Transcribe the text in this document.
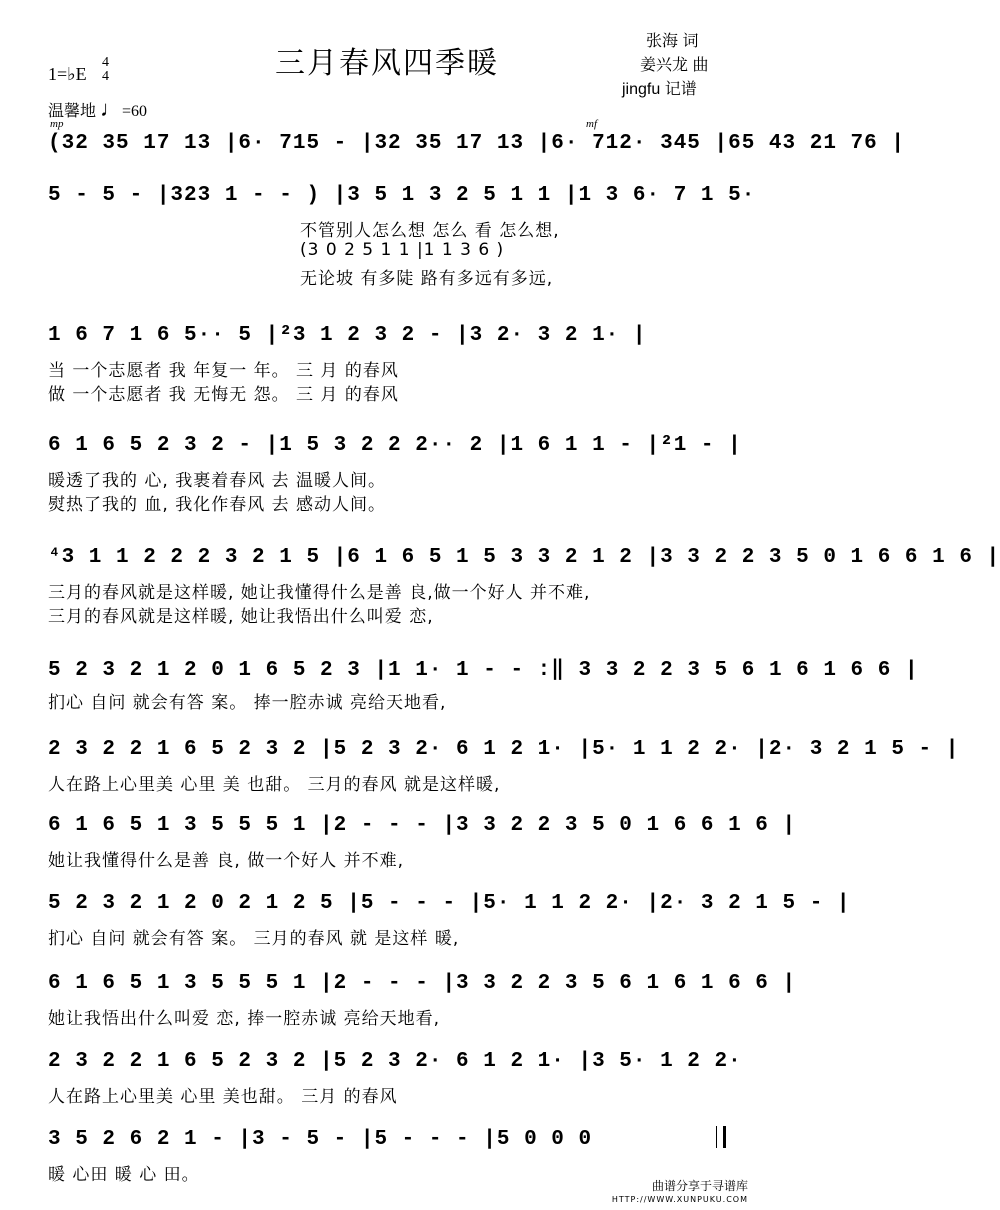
三月春风四季暖
1=♭E
4
4
温馨地 ♩=60
张海 词
姜兴龙 曲
jingfu 记谱
mp	mf
(32 35 17 13 |6· 715 - |32 35 17 13 |6· 712· 345 |65 43 21 76 |
5 - 5 - |323 1 - - ) |3 5 1 3 2 5 1 1 |1 3 6· 7 1 5·
不管别人怎么想 怎么 看 怎么想,
(3 0 2 5 1 1 |1 1 3 6 )
无论坡 有多陡 路有多远有多远,
1 6 7 1 6 5·· 5 |²3 1 2 3 2 - |3 2· 3 2 1· |
当 一个志愿者 我 年复一 年。 三 月 的春风
做 一个志愿者 我 无悔无 怨。 三 月 的春风
6 1 6 5 2 3 2 - |1 5 3 2 2 2·· 2 |1 6 1 1 - |²1 - |
暖透了我的 心, 我裹着春风 去 温暖人间。
熨热了我的 血, 我化作春风 去 感动人间。
⁴3 1 1 2 2 2 3 2 1 5 |6 1 6 5 1 5 3 3 2 1 2 |3 3 2 2 3 5 0 1 6 6 1 6 |
三月的春风就是这样暖, 她让我懂得什么是善 良,做一个好人 并不难,
三月的春风就是这样暖, 她让我悟出什么叫爱 恋,
5 2 3 2 1 2 0 1 6 5 2 3 |1 1· 1 - - :‖ 3 3 2 2 3 5 6 1 6 1 6 6 |
扪心 自问 就会有答 案。 捧一腔赤诚 亮给天地看,
2 3 2 2 1 6 5 2 3 2 |5 2 3 2· 6 1 2 1· |5· 1 1 2 2· |2· 3 2 1 5 - |
人在路上心里美 心里 美 也甜。 三月的春风 就是这样暖,
6 1 6 5 1 3 5 5 5 1 |2 - - - |3 3 2 2 3 5 0 1 6 6 1 6 |
她让我懂得什么是善 良, 做一个好人 并不难,
5 2 3 2 1 2 0 2 1 2 5 |5 - - - |5· 1 1 2 2· |2· 3 2 1 5 - |
扪心 自问 就会有答 案。 三月的春风 就 是这样 暖,
6 1 6 5 1 3 5 5 5 1 |2 - - - |3 3 2 2 3 5 6 1 6 1 6 6 |
她让我悟出什么叫爱 恋, 捧一腔赤诚 亮给天地看,
2 3 2 2 1 6 5 2 3 2 |5 2 3 2· 6 1 2 1· |3 5· 1 2 2·
人在路上心里美 心里 美也甜。 三月 的春风
3 5 2 6 2 1 - |3 - 5 - |5 - - - |5 0 0 0
暖 心田 暖 心 田。
曲谱分享于寻谱库
HTTP://WWW.XUNPUKU.COM
